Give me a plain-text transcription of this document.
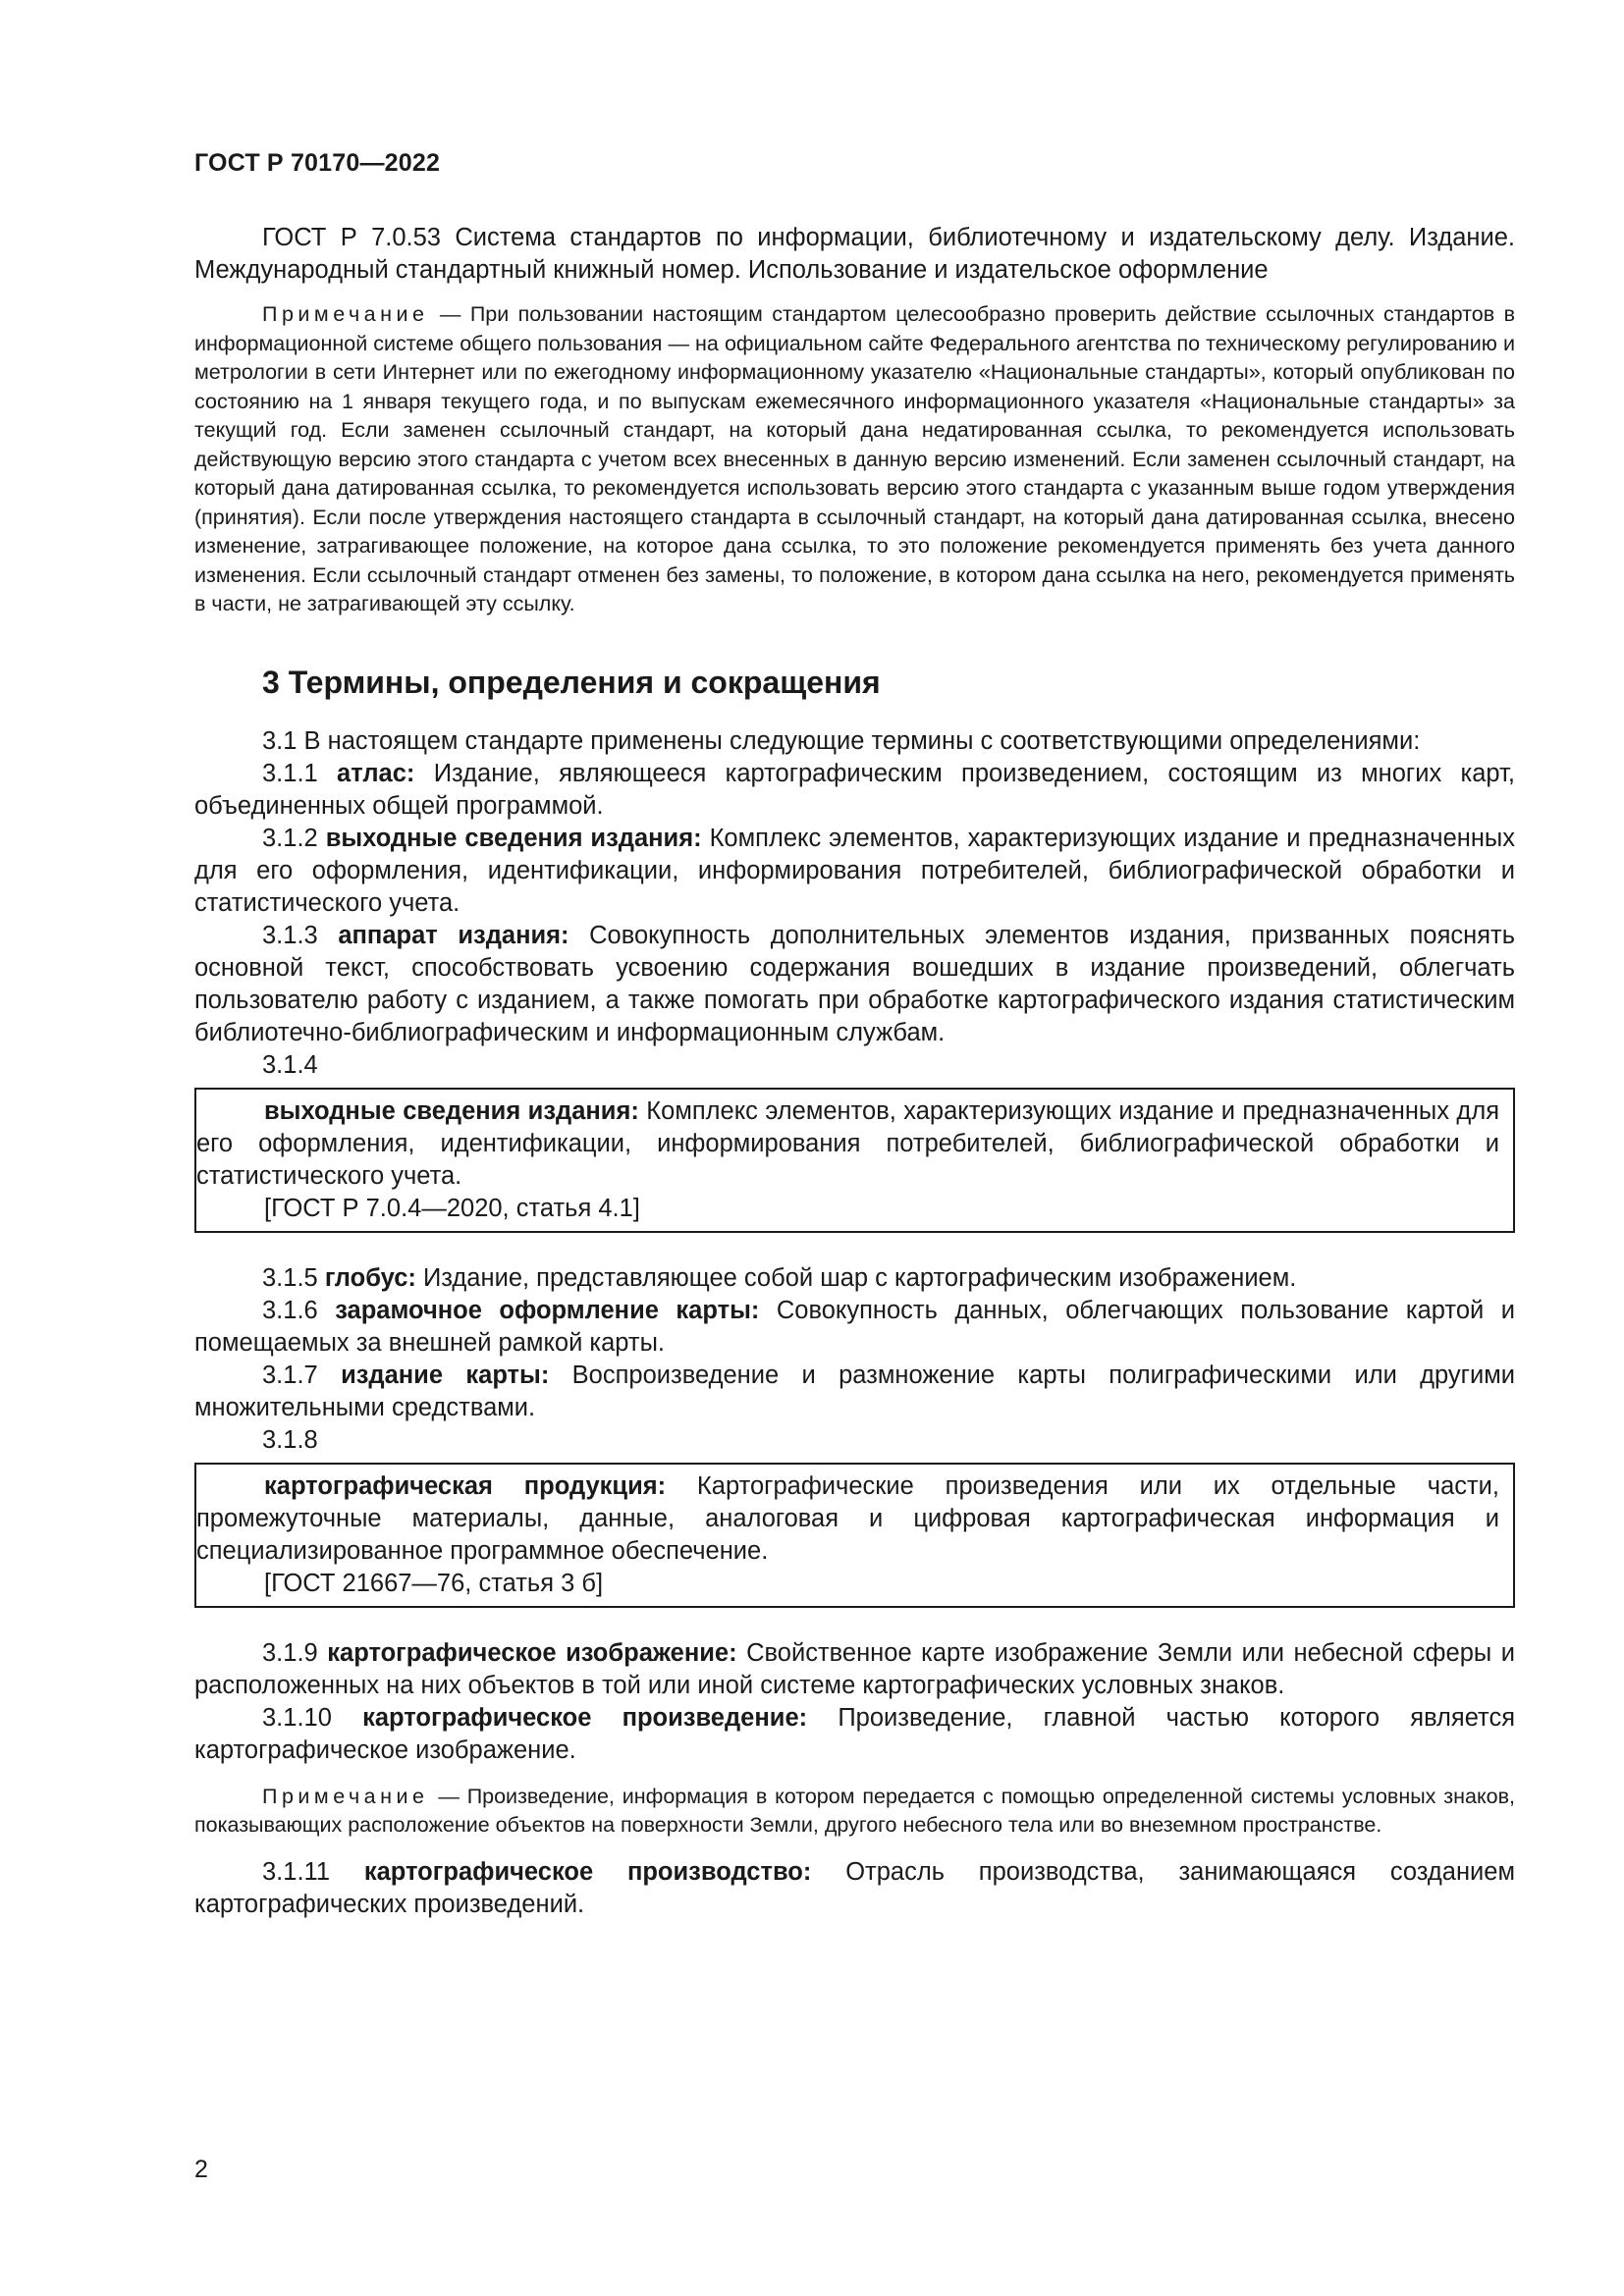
ГОСТ Р 70170—2022

ГОСТ Р 7.0.53 Система стандартов по информации, библиотечному и издательскому делу. Издание. Международный стандартный книжный номер. Использование и издательское оформление

Примечание — При пользовании настоящим стандартом целесообразно проверить действие ссылочных стандартов в информационной системе общего пользования — на официальном сайте Федерального агентства по техническому регулированию и метрологии в сети Интернет или по ежегодному информационному указателю «Национальные стандарты», который опубликован по состоянию на 1 января текущего года, и по выпускам ежемесячного информационного указателя «Национальные стандарты» за текущий год. Если заменен ссылочный стандарт, на который дана недатированная ссылка, то рекомендуется использовать действующую версию этого стандарта с учетом всех внесенных в данную версию изменений. Если заменен ссылочный стандарт, на который дана датированная ссылка, то рекомендуется использовать версию этого стандарта с указанным выше годом утверждения (принятия). Если после утверждения настоящего стандарта в ссылочный стандарт, на который дана датированная ссылка, внесено изменение, затрагивающее положение, на которое дана ссылка, то это положение рекомендуется применять без учета данного изменения. Если ссылочный стандарт отменен без замены, то положение, в котором дана ссылка на него, рекомендуется применять в части, не затрагивающей эту ссылку.

3 Термины, определения и сокращения

3.1 В настоящем стандарте применены следующие термины с соответствующими определениями:

3.1.1 атлас: Издание, являющееся картографическим произведением, состоящим из многих карт, объединенных общей программой.

3.1.2 выходные сведения издания: Комплекс элементов, характеризующих издание и предназначенных для его оформления, идентификации, информирования потребителей, библиографической обработки и статистического учета.

3.1.3 аппарат издания: Совокупность дополнительных элементов издания, призванных пояснять основной текст, способствовать усвоению содержания вошедших в издание произведений, облегчать пользователю работу с изданием, а также помогать при обработке картографического издания статистическим библиотечно-библиографическим и информационным службам.

3.1.4

выходные сведения издания: Комплекс элементов, характеризующих издание и предназначенных для его оформления, идентификации, информирования потребителей, библиографической обработки и статистического учета.

[ГОСТ Р 7.0.4—2020, статья 4.1]

3.1.5 глобус: Издание, представляющее собой шар с картографическим изображением.

3.1.6 зарамочное оформление карты: Совокупность данных, облегчающих пользование картой и помещаемых за внешней рамкой карты.

3.1.7 издание карты: Воспроизведение и размножение карты полиграфическими или другими множительными средствами.

3.1.8

картографическая продукция: Картографические произведения или их отдельные части, промежуточные материалы, данные, аналоговая и цифровая картографическая информация и специализированное программное обеспечение.

[ГОСТ 21667—76, статья 3 б]

3.1.9 картографическое изображение: Свойственное карте изображение Земли или небесной сферы и расположенных на них объектов в той или иной системе картографических условных знаков.

3.1.10 картографическое произведение: Произведение, главной частью которого является картографическое изображение.

Примечание — Произведение, информация в котором передается с помощью определенной системы условных знаков, показывающих расположение объектов на поверхности Земли, другого небесного тела или во внеземном пространстве.

3.1.11 картографическое производство: Отрасль производства, занимающаяся созданием картографических произведений.

2
